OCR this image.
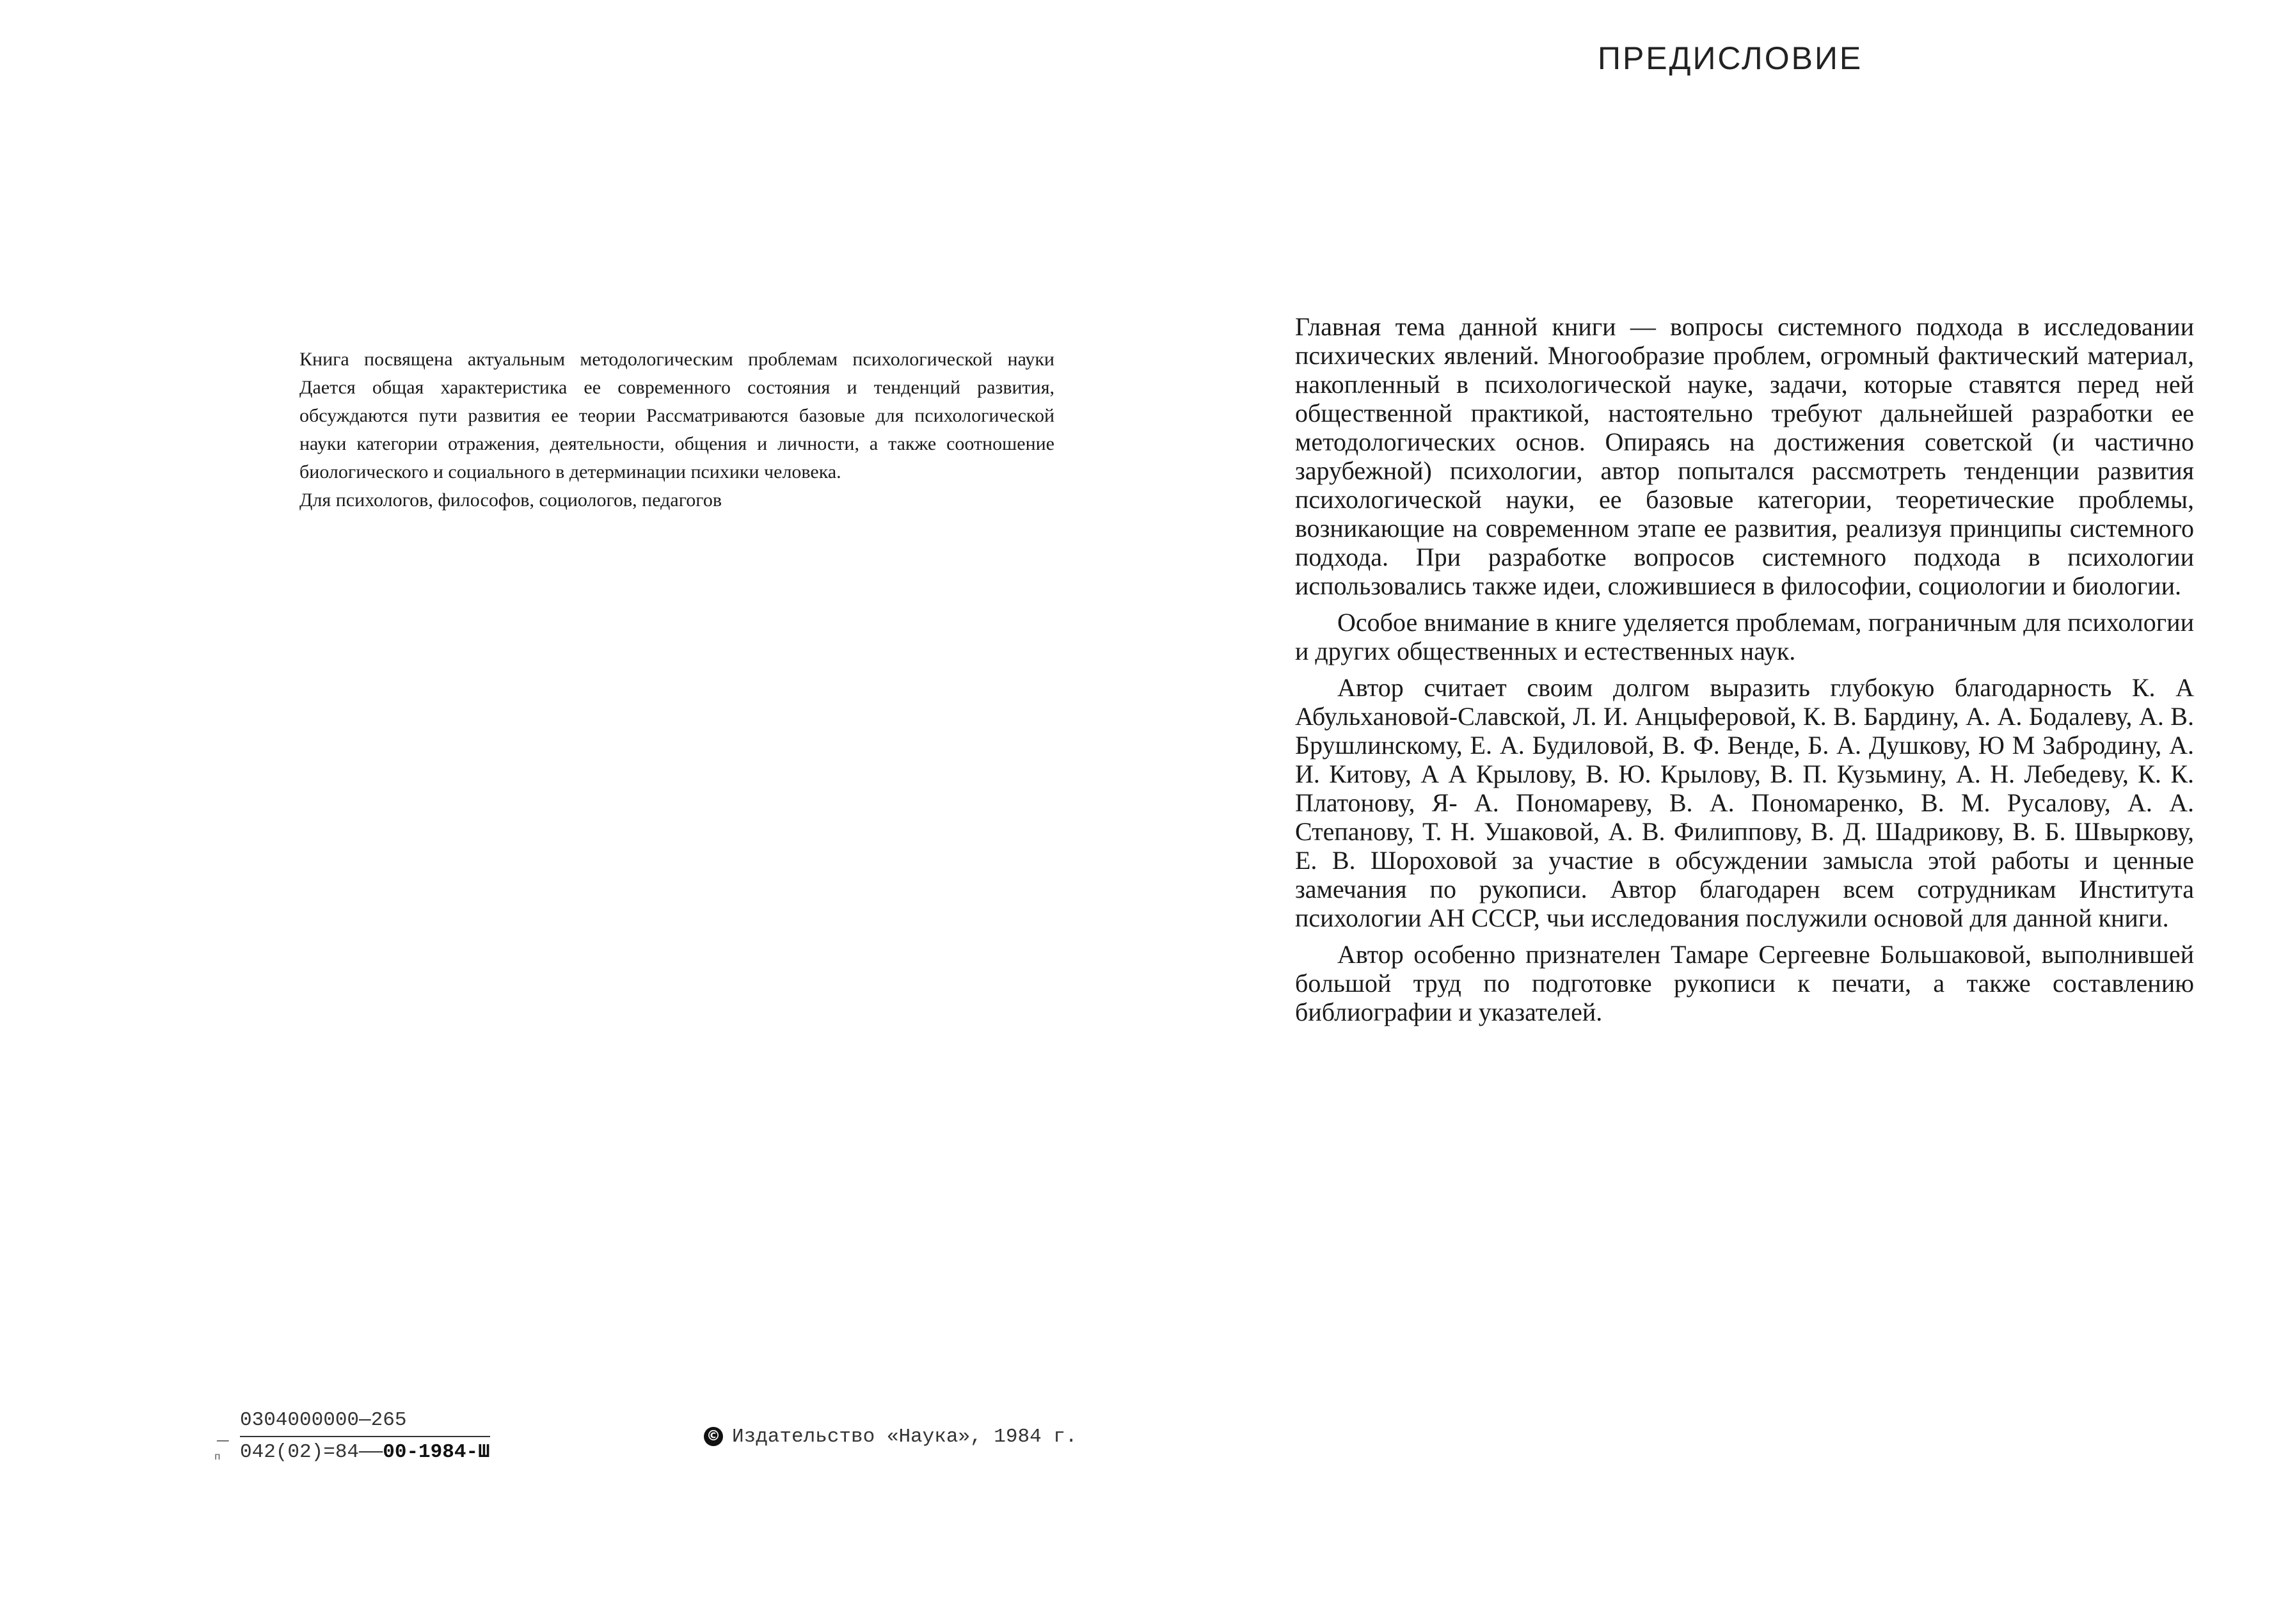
Книга посвящена актуальным методологическим проблемам психологической науки Дается общая характеристика ее современного состояния и тенденций развития, обсуждаются пути развития ее теории Рассматриваются базовые для психологической науки категории отражения, деятельности, общения и личности, а также соотношение биологического и социального в детерминации психики человека.

Для психологов, философов, социологов, педагогов

_
п
0304000000—265
042(02)=84——00-1984-Ш
© Издательство «Наука», 1984 г.
ПРЕДИСЛОВИЕ

Главная тема данной книги — вопросы системного подхода в исследовании психических явлений. Многообразие проблем, огромный фактический материал, накопленный в психологической науке, задачи, которые ставятся перед ней общественной практикой, настоятельно требуют дальнейшей разработки ее методологических основ. Опираясь на достижения советской (и частично зарубежной) психологии, автор попытался рассмотреть тенденции развития психологической науки, ее базовые категории, теоретические проблемы, возникающие на современном этапе ее развития, реализуя принципы системного подхода. При разработке вопросов системного подхода в психологии использовались также идеи, сложившиеся в философии, социологии и биологии.

Особое внимание в книге уделяется проблемам, пограничным для психологии и других общественных и естественных наук.

Автор считает своим долгом выразить глубокую благодарность К. А Абульхановой-Славской, Л. И. Анцыферовой, К. В. Бардину, А. А. Бодалеву, А. В. Брушлинскому, Е. А. Будиловой, В. Ф. Венде, Б. А. Душкову, Ю М Забродину, А. И. Китову, А А Крылову, В. Ю. Крылову, В. П. Кузьмину, А. Н. Лебедеву, К. К. Платонову, Я- А. Пономареву, В. А. Пономаренко, В. М. Русалову, А. А. Степанову, Т. Н. Ушаковой, А. В. Филиппову, В. Д. Шадрикову, В. Б. Швыркову, Е. В. Шороховой за участие в обсуждении замысла этой работы и ценные замечания по рукописи. Автор благодарен всем сотрудникам Института психологии АН СССР, чьи исследования послужили основой для данной книги.

Автор особенно признателен Тамаре Сергеевне Большаковой, выполнившей большой труд по подготовке рукописи к печати, а также составлению библиографии и указателей.
